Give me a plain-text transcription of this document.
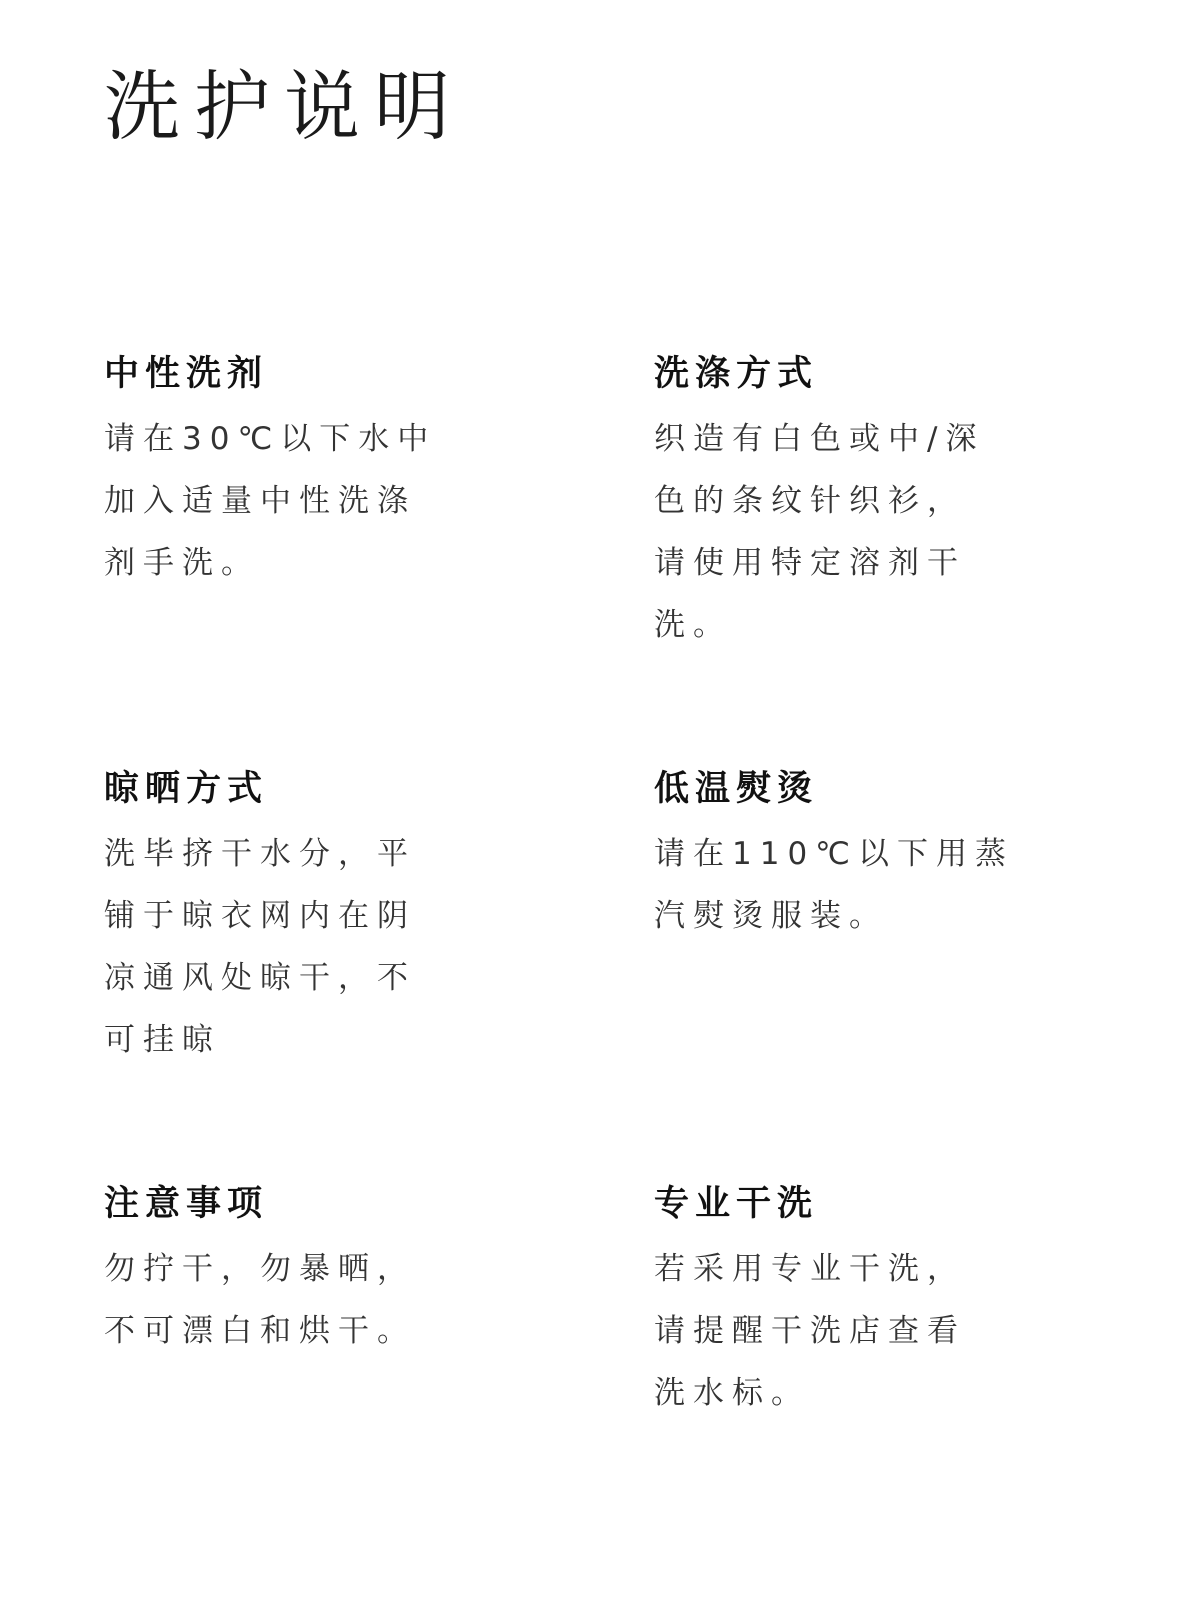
洗护说明
中性洗剂
请在30℃以下水中
加入适量中性洗涤
剂手洗。
洗涤方式
织造有白色或中/深
色的条纹针织衫，
请使用特定溶剂干
洗。
晾晒方式
洗毕挤干水分，平
铺于晾衣网内在阴
凉通风处晾干，不
可挂晾
低温熨烫
请在110℃以下用蒸
汽熨烫服装。
注意事项
勿拧干，勿暴晒，
不可漂白和烘干。
专业干洗
若采用专业干洗，
请提醒干洗店查看
洗水标。
